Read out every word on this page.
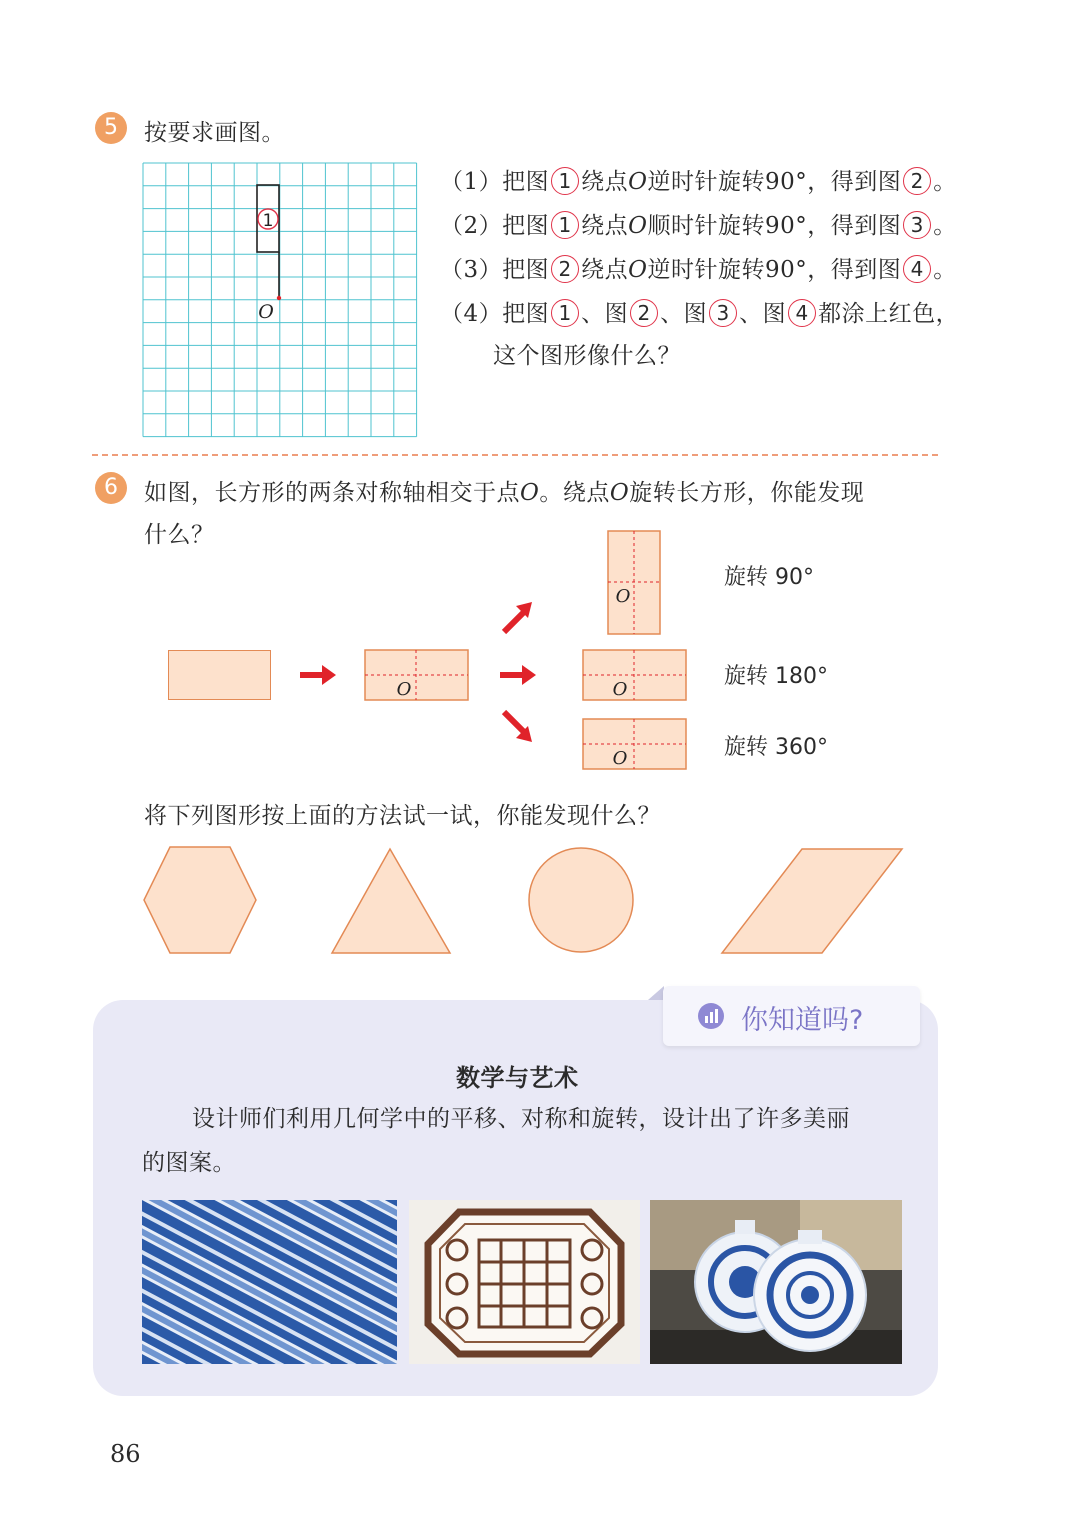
5	按要求画图。
1
O
（1）把图 1 绕点O逆时针旋转90°，得到图 2 。
（2）把图 1 绕点O顺时针旋转90°，得到图 3 。
（3）把图 2 绕点O逆时针旋转90°，得到图 4 。
（4）把图 1 、图 2 、图 3 、图 4 都涂上红色，
这个图形像什么？
6	如图，长方形的两条对称轴相交于点O。绕点O旋转长方形，你能发现
什么？
O
O
O
O
旋转 90°
旋转 180°
旋转 360°
将下列图形按上面的方法试一试，你能发现什么？
你知道吗?
数学与艺术
设计师们利用几何学中的平移、对称和旋转，设计出了许多美丽
的图案。
86
